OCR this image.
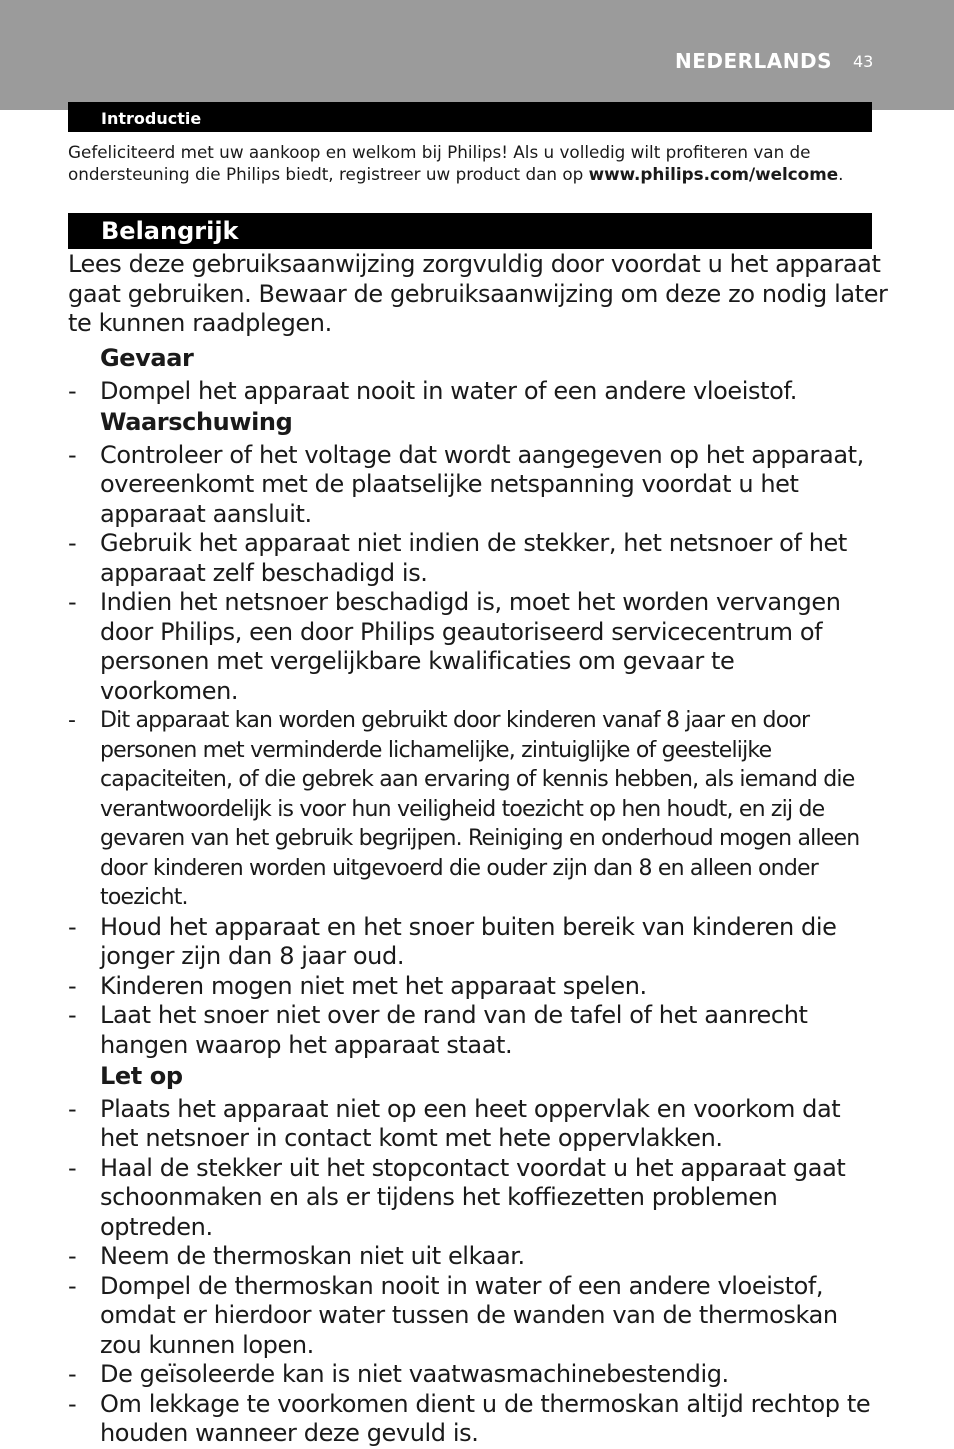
NEDERLANDS 43
Introductie
Gefeliciteerd met uw aankoop en welkom bij Philips! Als u volledig wilt profiteren van de ondersteuning die Philips biedt, registreer uw product dan op www.philips.com/welcome.
Belangrijk
Lees deze gebruiksaanwijzing zorgvuldig door voordat u het apparaat gaat gebruiken. Bewaar de gebruiksaanwijzing om deze zo nodig later te kunnen raadplegen.
Gevaar
- Dompel het apparaat nooit in water of een andere vloeistof.
Waarschuwing
- Controleer of het voltage dat wordt aangegeven op het apparaat, overeenkomt met de plaatselijke netspanning voordat u het apparaat aansluit.
- Gebruik het apparaat niet indien de stekker, het netsnoer of het apparaat zelf beschadigd is.
- Indien het netsnoer beschadigd is, moet het worden vervangen door Philips, een door Philips geautoriseerd servicecentrum of personen met vergelijkbare kwalificaties om gevaar te voorkomen.
- Dit apparaat kan worden gebruikt door kinderen vanaf 8 jaar en door personen met verminderde lichamelijke, zintuiglijke of geestelijke capaciteiten, of die gebrek aan ervaring of kennis hebben, als iemand die verantwoordelijk is voor hun veiligheid toezicht op hen houdt, en zij de gevaren van het gebruik begrijpen. Reiniging en onderhoud mogen alleen door kinderen worden uitgevoerd die ouder zijn dan 8 en alleen onder toezicht.
- Houd het apparaat en het snoer buiten bereik van kinderen die jonger zijn dan 8 jaar oud.
- Kinderen mogen niet met het apparaat spelen.
- Laat het snoer niet over de rand van de tafel of het aanrecht hangen waarop het apparaat staat.
Let op
- Plaats het apparaat niet op een heet oppervlak en voorkom dat het netsnoer in contact komt met hete oppervlakken.
- Haal de stekker uit het stopcontact voordat u het apparaat gaat schoonmaken en als er tijdens het koffiezetten problemen optreden.
- Neem de thermoskan niet uit elkaar.
- Dompel de thermoskan nooit in water of een andere vloeistof, omdat er hierdoor water tussen de wanden van de thermoskan zou kunnen lopen.
- De geïsoleerde kan is niet vaatwasmachinebestendig.
- Om lekkage te voorkomen dient u de thermoskan altijd rechtop te houden wanneer deze gevuld is.
